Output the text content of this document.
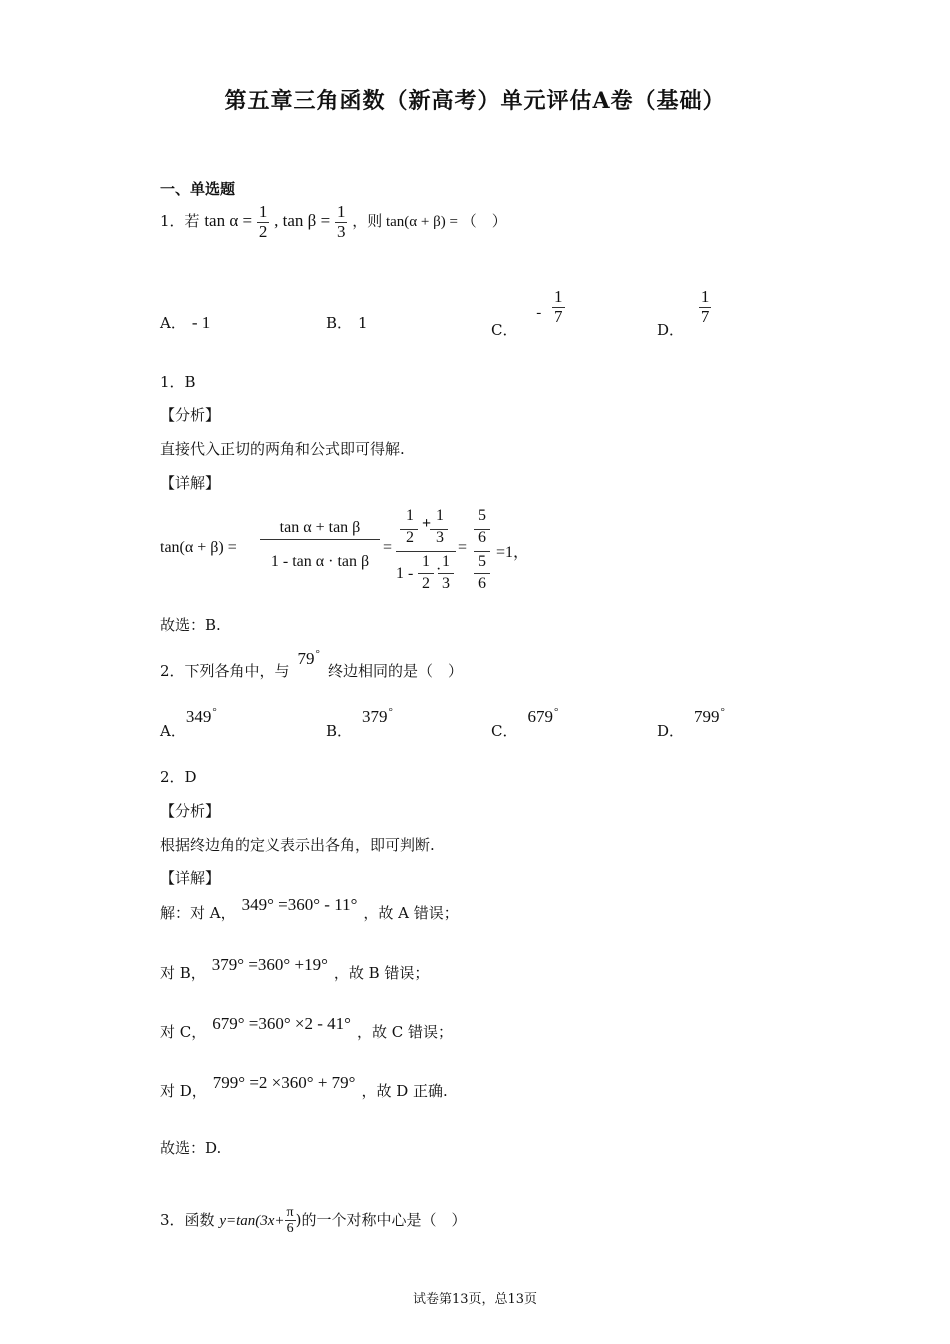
第五章三角函数（新高考）单元评估A卷（基础）
一、单选题
1．若 $\tan \alpha = \frac{1}{2}$ , $\tan \beta = \frac{1}{3}$ ，则 tan(α + β) = （　）
A． - 1	B． 1	C． - $\frac{1}{7}$
D．
$\frac{1}{7}$
1．B
【分析】
直接代入正切的两角和公式即可得解.
【详解】
tan(α + β) =
tan α + tan β
1 - tan α · tan β
=
1
2
+ 1
3
1 -
1
2
· 1
3
=
5
6
5
6
=1，
故选：B.
2．下列各角中，与79°终边相同的是（　）
A．349°
B．379°
C．679°
D．799°
2．D
【分析】
根据终边角的定义表示出各角，即可判断.
【详解】
解：对 A， 349° =360° - 11° ，故 A 错误；
对 B， 379° =360° +19° ，故 B 错误；
对 C， 679° =360° ×2 - 41° ，故 C 错误；
对 D， 799° =2 ×360° + 79° ，故 D 正确.
故选：D.
3．函数 $y=\tan(3x+ \frac{\pi}{6}$ )的一个对称中心是（　）
试卷第13页，总13页
